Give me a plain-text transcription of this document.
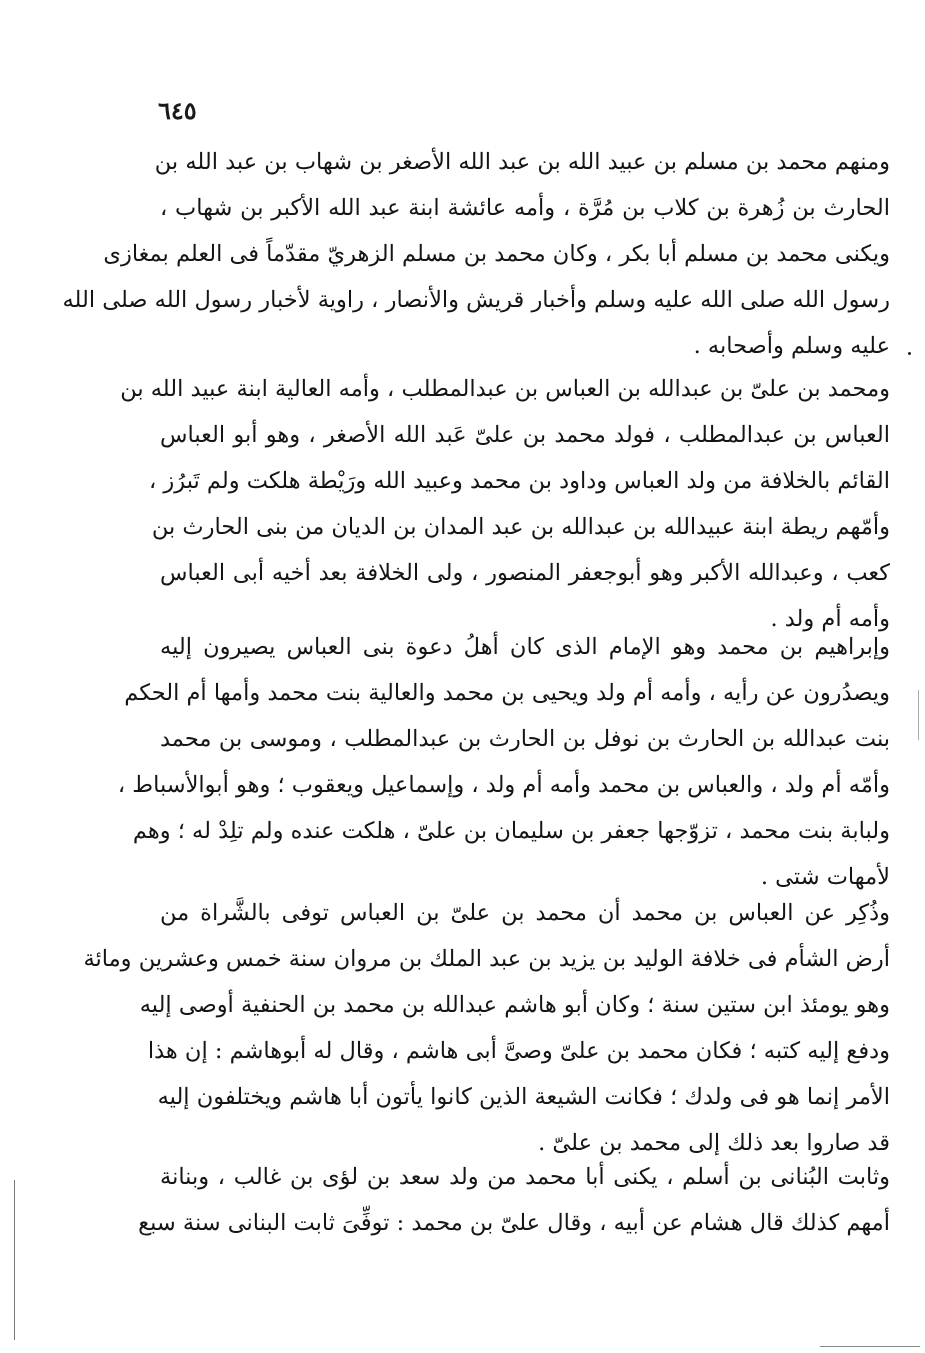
٦٤٥
ومنهم محمد بن مسلم بن عبيد الله بن عبد الله الأصغر بن شهاب بن عبد الله بن
الحارث بن زُهرة بن كلاب بن مُرَّة ، وأمه عائشة ابنة عبد الله الأكبر بن شهاب ،
ويكنى محمد بن مسلم أبا بكر ، وكان محمد بن مسلم الزهريّ مقدّماً فى العلم بمغازى
رسول الله صلى الله عليه وسلم وأخبار قريش والأنصار ، راوية لأخبار رسول الله صلى الله
عليه وسلم وأصحابه .
ومحمد بن علىّ بن عبدالله بن العباس بن عبدالمطلب ، وأمه العالية ابنة عبيد الله بن
العباس بن عبدالمطلب ، فولد محمد بن علىّ عَبد الله الأصغر ، وهو أبو العباس
القائم بالخلافة من ولد العباس وداود بن محمد وعبيد الله ورَيْطة هلكت ولم تَبرُز ،
وأمّهم ريطة ابنة عبيدالله بن عبدالله بن عبد المدان بن الديان من بنى الحارث بن
كعب ، وعبدالله الأكبر وهو أبوجعفر المنصور ، ولى الخلافة بعد أخيه أبى العباس
وأمه أم ولد .
وإبراهيم بن محمد وهو الإمام الذى كان أهلُ دعوة بنى العباس يصيرون إليه
ويصدُرون عن رأيه ، وأمه أم ولد ويحيى بن محمد والعالية بنت محمد وأمها أم الحكم
بنت عبدالله بن الحارث بن نوفل بن الحارث بن عبدالمطلب ، وموسى بن محمد
وأمّه أم ولد ، والعباس بن محمد وأمه أم ولد ، وإسماعيل ويعقوب ؛ وهو أبوالأسباط ،
ولبابة بنت محمد ، تزوّجها جعفر بن سليمان بن علىّ ، هلكت عنده ولم تلِدْ له ؛ وهم
لأمهات شتى .
وذُكِر عن العباس بن محمد أن محمد بن علىّ بن العباس توفى بالشَّراة من
أرض الشأم فى خلافة الوليد بن يزيد بن عبد الملك بن مروان سنة خمس وعشرين ومائة
وهو يومئذ ابن ستين سنة ؛ وكان أبو هاشم عبدالله بن محمد بن الحنفية أوصى إليه
ودفع إليه كتبه ؛ فكان محمد بن علىّ وصىَّ أبى هاشم ، وقال له أبوهاشم : إن هذا
الأمر إنما هو فى ولدك ؛ فكانت الشيعة الذين كانوا يأتون أبا هاشم ويختلفون إليه
قد صاروا بعد ذلك إلى محمد بن علىّ .
وثابت البُنانى بن أسلم ، يكنى أبا محمد من ولد سعد بن لؤى بن غالب ، وبنانة
أمهم كذلك قال هشام عن أبيه ، وقال علىّ بن محمد : توفِّىَ ثابت البنانى سنة سبع
